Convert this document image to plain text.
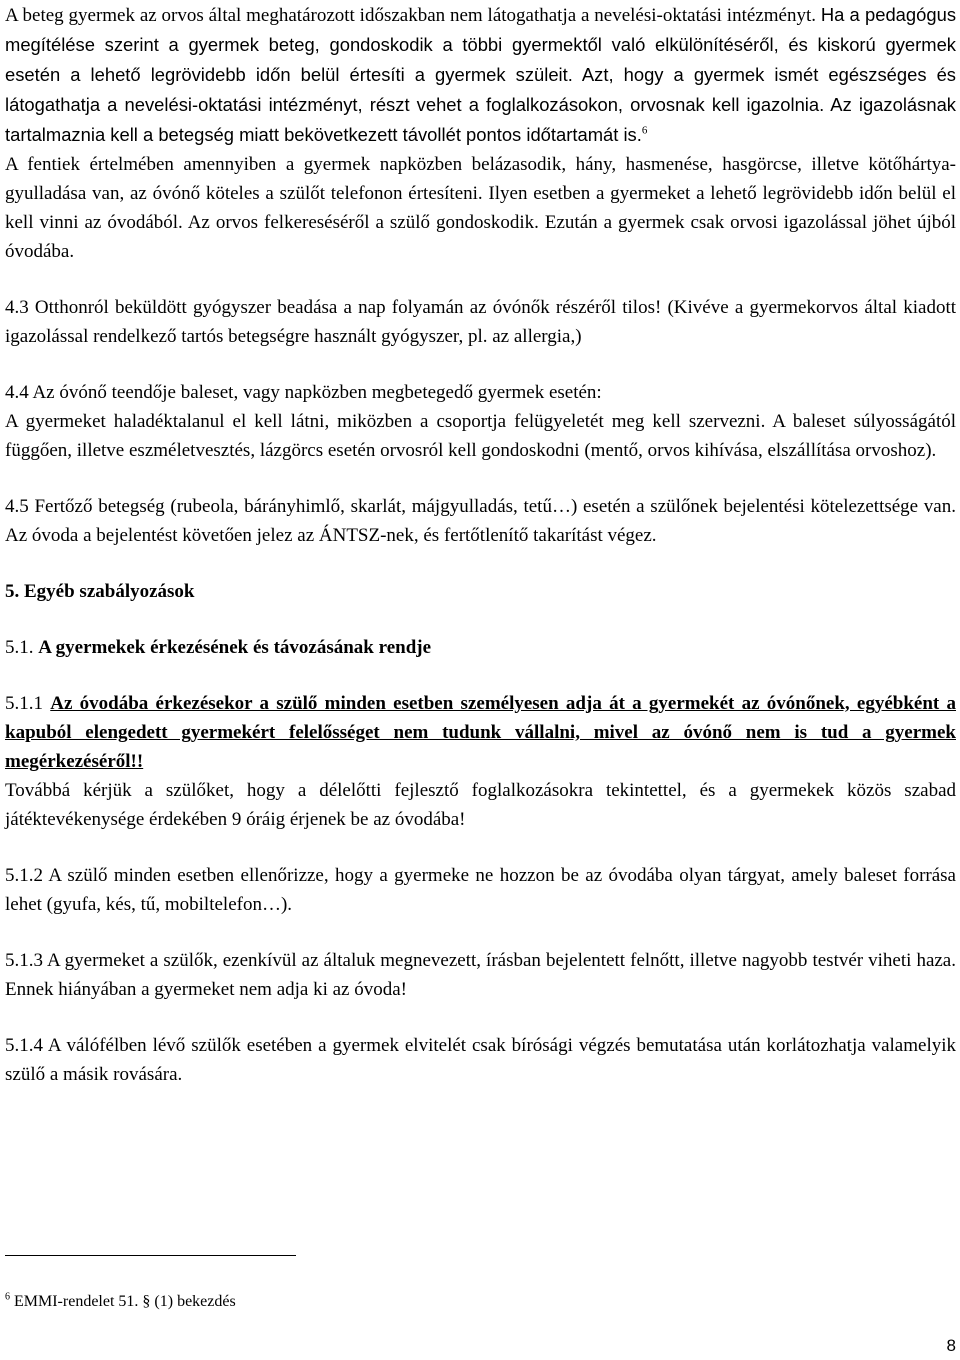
A beteg gyermek az orvos által meghatározott időszakban nem látogathatja a nevelési-oktatási intézményt. Ha a pedagógus megítélése szerint a gyermek beteg, gondoskodik a többi gyermektől való elkülönítéséről, és kiskorú gyermek esetén a lehető legrövidebb időn belül értesíti a gyermek szüleit. Azt, hogy a gyermek ismét egészséges és látogathatja a nevelési-oktatási intézményt, részt vehet a foglalkozásokon, orvosnak kell igazolnia. Az igazolásnak tartalmaznia kell a betegség miatt bekövetkezett távollét pontos időtartamát is.$^6$

A fentiek értelmében amennyiben a gyermek napközben belázasodik, hány, hasmenése, hasgörcse, illetve kötőhártya-gyulladása van, az óvónő köteles a szülőt telefonon értesíteni. Ilyen esetben a gyermeket a lehető legrövidebb időn belül el kell vinni az óvodából. Az orvos felkereséséről a szülő gondoskodik. Ezután a gyermek csak orvosi igazolással jöhet újból óvodába.

4.3 Otthonról beküldött gyógyszer beadása a nap folyamán az óvónők részéről tilos! (Kivéve a gyermekorvos által kiadott igazolással rendelkező tartós betegségre használt gyógyszer, pl. az allergia,)

4.4 Az óvónő teendője baleset, vagy napközben megbetegedő gyermek esetén:

A gyermeket haladéktalanul el kell látni, miközben a csoportja felügyeletét meg kell szervezni. A baleset súlyosságától függően, illetve eszméletvesztés, lázgörcs esetén orvosról kell gondoskodni (mentő, orvos kihívása, elszállítása orvoshoz).

4.5 Fertőző betegség (rubeola, bárányhimlő, skarlát, májgyulladás, tetű…) esetén a szülőnek bejelentési kötelezettsége van. Az óvoda a bejelentést követően jelez az ÁNTSZ-nek, és fertőtlenítő takarítást végez.

5. Egyéb szabályozások

5.1. A gyermekek érkezésének és távozásának rendje

5.1.1 Az óvodába érkezésekor a szülő minden esetben személyesen adja át a gyermekét az óvónőnek, egyébként a kapuból elengedett gyermekért felelősséget nem tudunk vállalni, mivel az óvónő nem is tud a gyermek megérkezéséről!!

Továbbá kérjük a szülőket, hogy a délelőtti fejlesztő foglalkozásokra tekintettel, és a gyermekek közös szabad játéktevékenysége érdekében 9 óráig érjenek be az óvodába!

5.1.2 A szülő minden esetben ellenőrizze, hogy a gyermeke ne hozzon be az óvodába olyan tárgyat, amely baleset forrása lehet (gyufa, kés, tű, mobiltelefon…).

5.1.3 A gyermeket a szülők, ezenkívül az általuk megnevezett, írásban bejelentett felnőtt, illetve nagyobb testvér viheti haza. Ennek hiányában a gyermeket nem adja ki az óvoda!

5.1.4 A válófélben lévő szülők esetében a gyermek elvitelét csak bírósági végzés bemutatása után korlátozhatja valamelyik szülő a másik rovására.

$^6$ EMMI-rendelet 51. § (1) bekezdés
8
